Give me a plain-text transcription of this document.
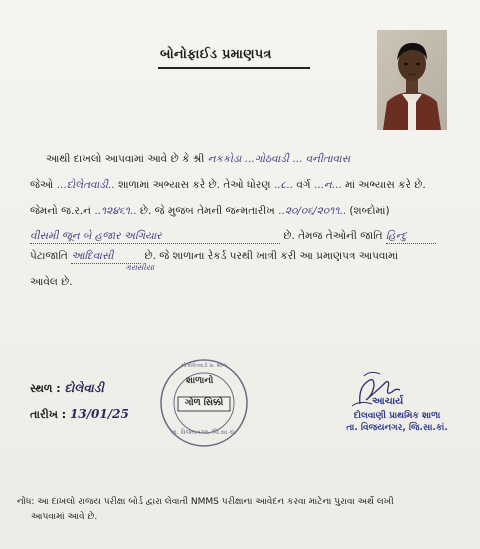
બોનોફાઈડ પ્રમાણપત્ર
આથી દાખલો આપવામાં આવે છે કે શ્રી નકકોડા ...ગોઠવાડી ... વનીતાવાસ
જેઓ ...દોલેતવાડી.. શાળામાં અભ્યાસ કરે છે. તેઓ ધોરણ ..૮.. વર્ગ ...ન... માં અભ્યાસ કરે છે.
જેમનો જ.ર.નં ..૧૨૪૬૧.. છે. જે મુજબ તેમની જન્મતારીખ ..૨૦/૦૬/૨૦૧૧.. (શબ્દોમાં)
વીસમી જૂન બે હજાર અગિયાર	છે. તેમજ તેઓની જાતિ હિન્દુ
પેટાજાતિ આદિવાસી	છે. જે શાળાના રેકર્ડ પરથી ખાત્રી કરી આ પ્રમાણપત્ર આપવામાં
ગરાસીયા
આવેલ છે.
સ્થળ : દોલેવાડી
તારીખ : 13/01/25
શાળાનો
ગોળ સિક્કો
શ્રી દોલેતવાડી પ્રા. શાળા
તા. વિજયનગર, જિ.સા.કાં.
આચાર્ય
દોલવાણી પ્રાથમિક શાળા
તા. વિજયનગર, જિ.સા.કાં.
નોંધ: આ દાખલો રાજય પરીક્ષા બોર્ડ દ્વારા લેવાતી NMMS પરીક્ષાના આવેદન કરવા માટેના પુરાવા અર્થે લખી
આપવામાં આવે છે.
